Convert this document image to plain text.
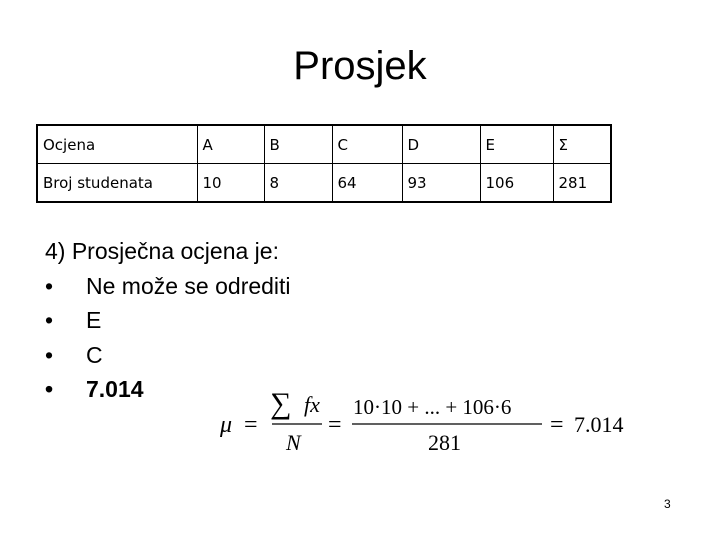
Prosjek
Ocjena	A	B	C	D	E	Σ
Broj studenata	10	8	64	93	106	281
4) Prosječna ocjena je:
•	Ne može se odrediti
•	E
•	C
•	7.014
μ =
∑ fx
N
=
10·10 + ... + 106·6
281
= 7.014
3
